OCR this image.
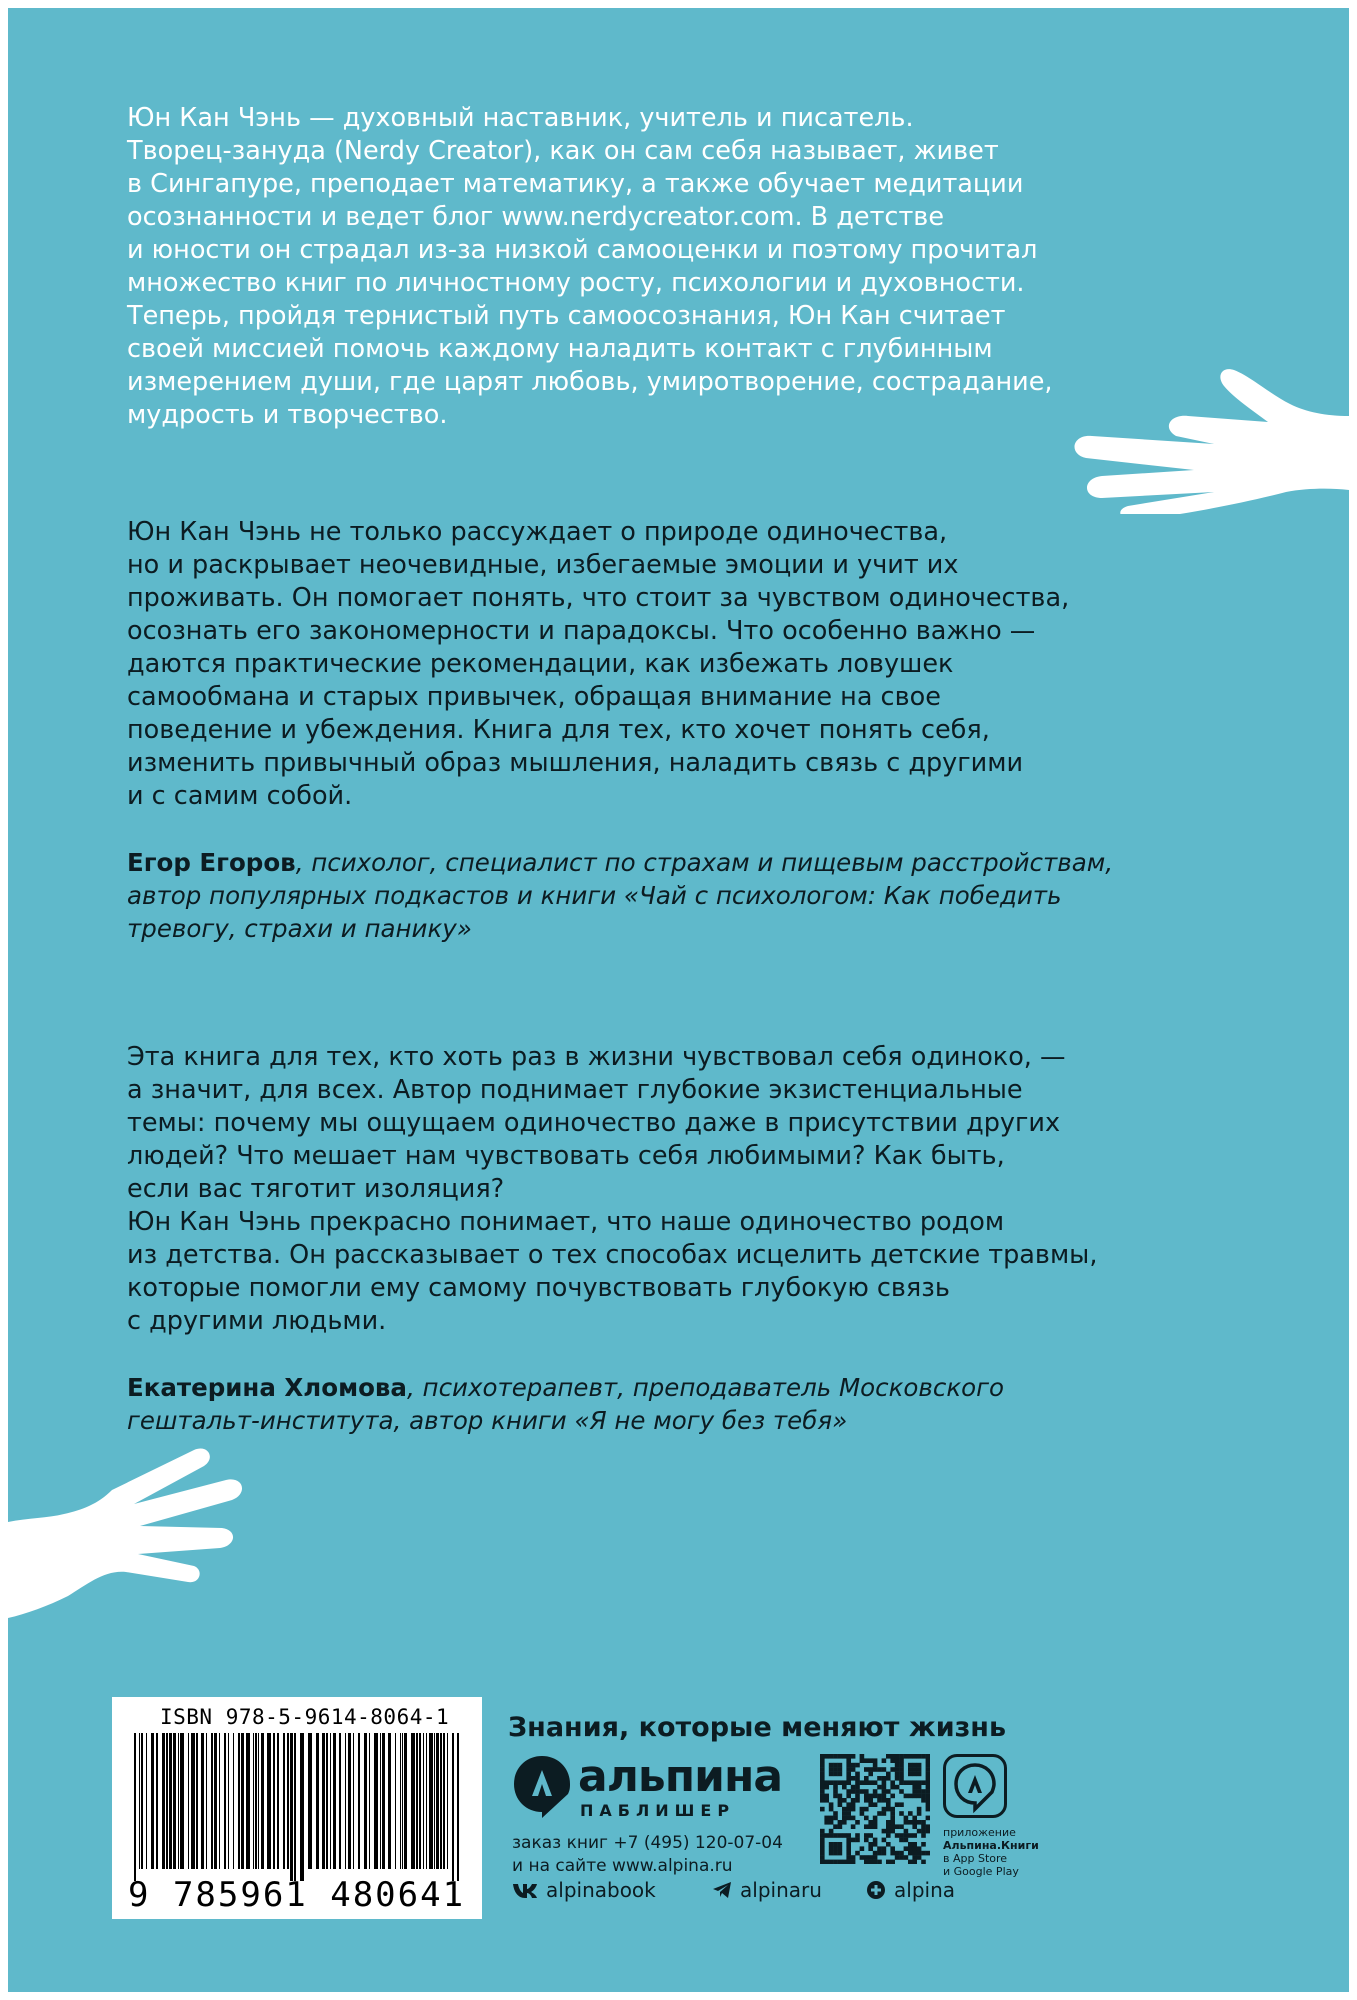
Юн Кан Чэнь — духовный наставник, учитель и писатель.
Творец-зануда (Nerdy Creator), как он сам себя называет, живет
в Сингапуре, преподает математику, а также обучает медитации
осознанности и ведет блог www.nerdycreator.com. В детстве
и юности он страдал из-за низкой самооценки и поэтому прочитал
множество книг по личностному росту, психологии и духовности.
Теперь, пройдя тернистый путь самоосознания, Юн Кан считает
своей миссией помочь каждому наладить контакт с глубинным
измерением души, где царят любовь, умиротворение, сострадание,
мудрость и творчество.
Юн Кан Чэнь не только рассуждает о природе одиночества,
но и раскрывает неочевидные, избегаемые эмоции и учит их
проживать. Он помогает понять, что стоит за чувством одиночества,
осознать его закономерности и парадоксы. Что особенно важно —
даются практические рекомендации, как избежать ловушек
самообмана и старых привычек, обращая внимание на свое
поведение и убеждения. Книга для тех, кто хочет понять себя,
изменить привычный образ мышления, наладить связь с другими
и с самим собой.
Егор Егоров, психолог, специалист по страхам и пищевым расстройствам,
автор популярных подкастов и книги «Чай с психологом: Как победить
тревогу, страхи и панику»
Эта книга для тех, кто хоть раз в жизни чувствовал себя одиноко, —
а значит, для всех. Автор поднимает глубокие экзистенциальные
темы: почему мы ощущаем одиночество даже в присутствии других
людей? Что мешает нам чувствовать себя любимыми? Как быть,
если вас тяготит изоляция?
Юн Кан Чэнь прекрасно понимает, что наше одиночество родом
из детства. Он рассказывает о тех способах исцелить детские травмы,
которые помогли ему самому почувствовать глубокую связь
с другими людьми.
Екатерина Хломова, психотерапевт, преподаватель Московского
гештальт-института, автор книги «Я не могу без тебя»
ISBN 978-5-9614-8064-1
9 785961 480641
Знания, которые меняют жизнь
альпина
ПАБЛИШЕР
заказ книг +7 (495) 120-07-04
и на сайте www.alpina.ru
alpinabook	alpinaru	alpina
приложение
Альпина.Книги
в App Store
и Google Play
